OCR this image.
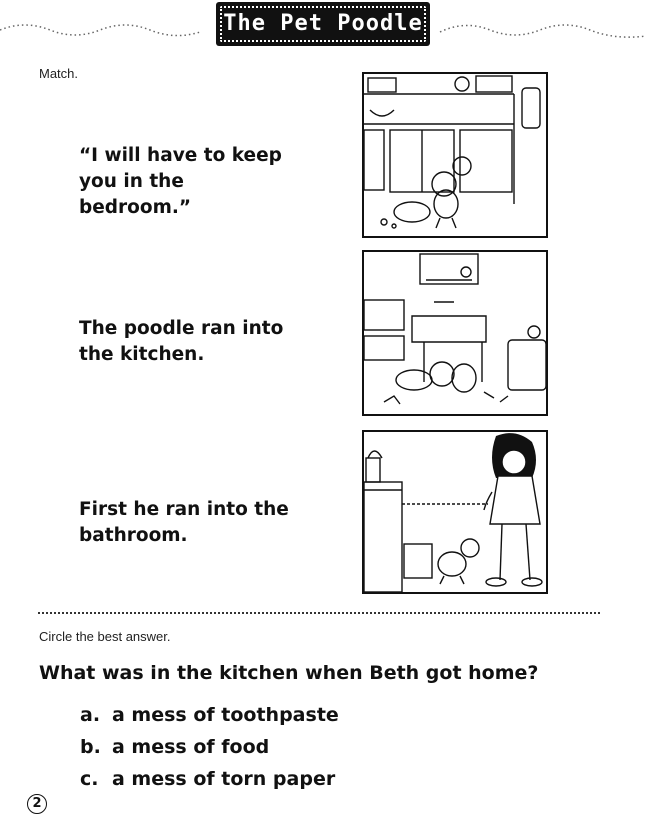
The Pet Poodle
Match.
“I will have to keep you in the bedroom.”
The poodle ran into the kitchen.
First he ran into the bathroom.
Circle the best answer.
What was in the kitchen when Beth got home?
a. a mess of toothpaste
b. a mess of food
c. a mess of torn paper
2
